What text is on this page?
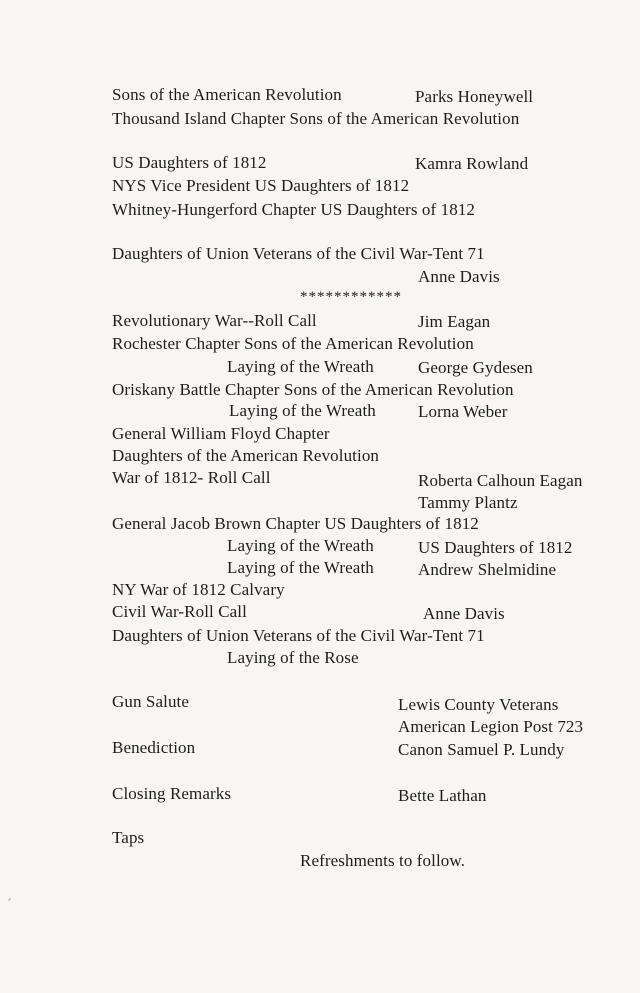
Sons of the American Revolution	Parks Honeywell
Thousand Island Chapter Sons of the American Revolution
US Daughters of 1812	Kamra Rowland
NYS Vice President US Daughters of 1812
Whitney-Hungerford Chapter US Daughters of 1812
Daughters of Union Veterans of the Civil War-Tent 71
Anne Davis
************
Revolutionary War--Roll Call	Jim Eagan
Rochester Chapter Sons of the American Revolution
Laying of the Wreath	George Gydesen
Oriskany Battle Chapter Sons of the American Revolution
Laying of the Wreath Lorna Weber
General William Floyd Chapter
Daughters of the American Revolution
War of 1812- Roll Call	Roberta Calhoun Eagan
Tammy Plantz
General Jacob Brown Chapter US Daughters of 1812
Laying of the Wreath	US Daughters of 1812
Laying of the Wreath	Andrew Shelmidine
NY War of 1812 Calvary
Civil War-Roll Call	Anne Davis
Daughters of Union Veterans of the Civil War-Tent 71
Laying of the Rose
Gun Salute	Lewis County Veterans
American Legion Post 723
Benediction	Canon Samuel P. Lundy
Closing Remarks	Bette Lathan
Taps
Refreshments to follow.
